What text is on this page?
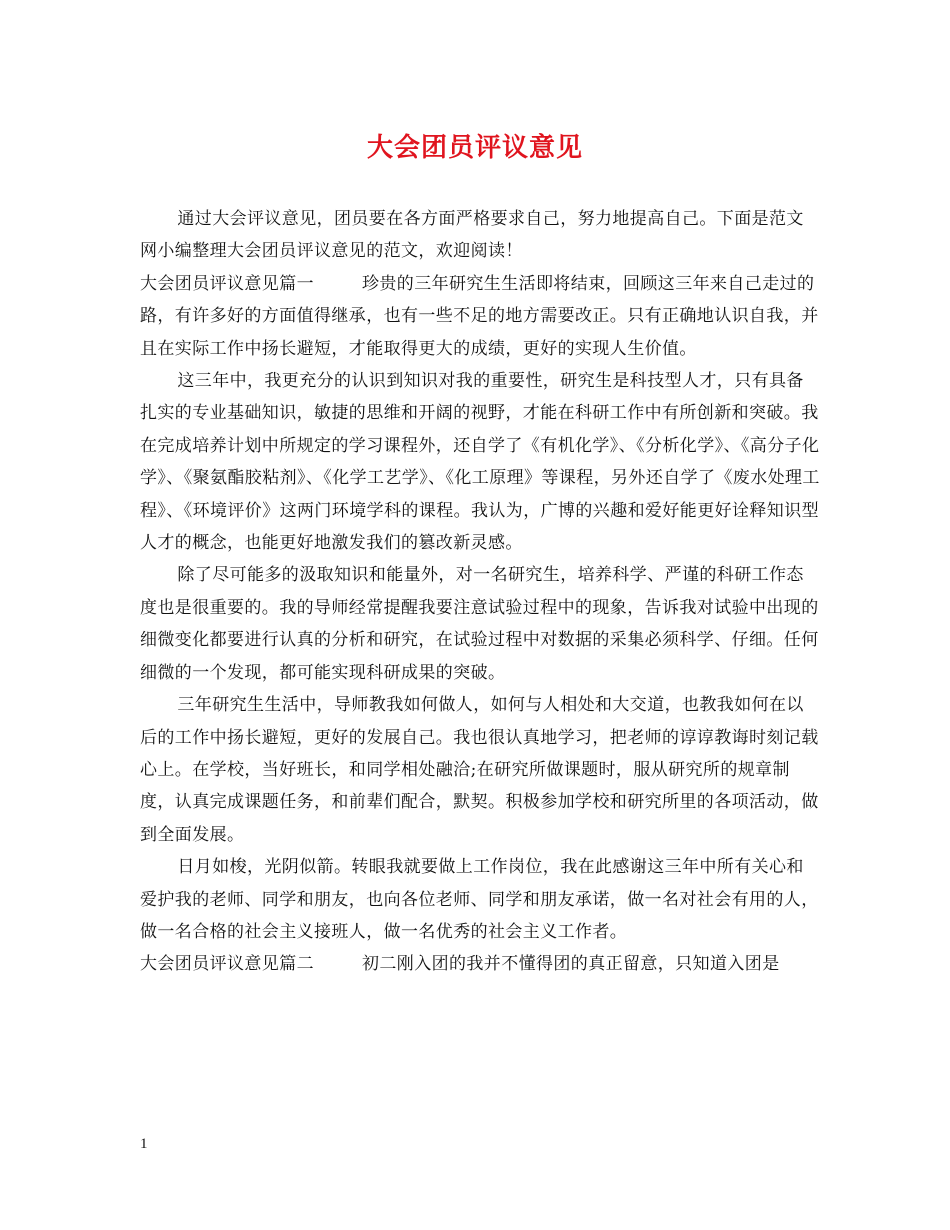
大会团员评议意见

通过大会评议意见，团员要在各方面严格要求自己，努力地提高自己。下面是范文网小编整理大会团员评议意见的范文，欢迎阅读！

大会团员评议意见篇一	珍贵的三年研究生生活即将结束，回顾这三年来自己走过的路，有许多好的方面值得继承，也有一些不足的地方需要改正。只有正确地认识自我，并且在实际工作中扬长避短，才能取得更大的成绩，更好的实现人生价值。

这三年中，我更充分的认识到知识对我的重要性，研究生是科技型人才，只有具备扎实的专业基础知识，敏捷的思维和开阔的视野，才能在科研工作中有所创新和突破。我在完成培养计划中所规定的学习课程外，还自学了《有机化学》、《分析化学》、《高分子化学》、《聚氨酯胶粘剂》、《化学工艺学》、《化工原理》等课程，另外还自学了《废水处理工程》、《环境评价》这两门环境学科的课程。我认为，广博的兴趣和爱好能更好诠释知识型人才的概念，也能更好地激发我们的篡改新灵感。

除了尽可能多的汲取知识和能量外，对一名研究生，培养科学、严谨的科研工作态度也是很重要的。我的导师经常提醒我要注意试验过程中的现象，告诉我对试验中出现的细微变化都要进行认真的分析和研究，在试验过程中对数据的采集必须科学、仔细。任何细微的一个发现，都可能实现科研成果的突破。

三年研究生生活中，导师教我如何做人，如何与人相处和大交道，也教我如何在以后的工作中扬长避短，更好的发展自己。我也很认真地学习，把老师的谆谆教诲时刻记载心上。在学校，当好班长，和同学相处融洽;在研究所做课题时，服从研究所的规章制度，认真完成课题任务，和前辈们配合，默契。积极参加学校和研究所里的各项活动，做到全面发展。

日月如梭，光阴似箭。转眼我就要做上工作岗位，我在此感谢这三年中所有关心和爱护我的老师、同学和朋友，也向各位老师、同学和朋友承诺，做一名对社会有用的人，做一名合格的社会主义接班人，做一名优秀的社会主义工作者。

大会团员评议意见篇二	初二刚入团的我并不懂得团的真正留意，只知道入团是

1
